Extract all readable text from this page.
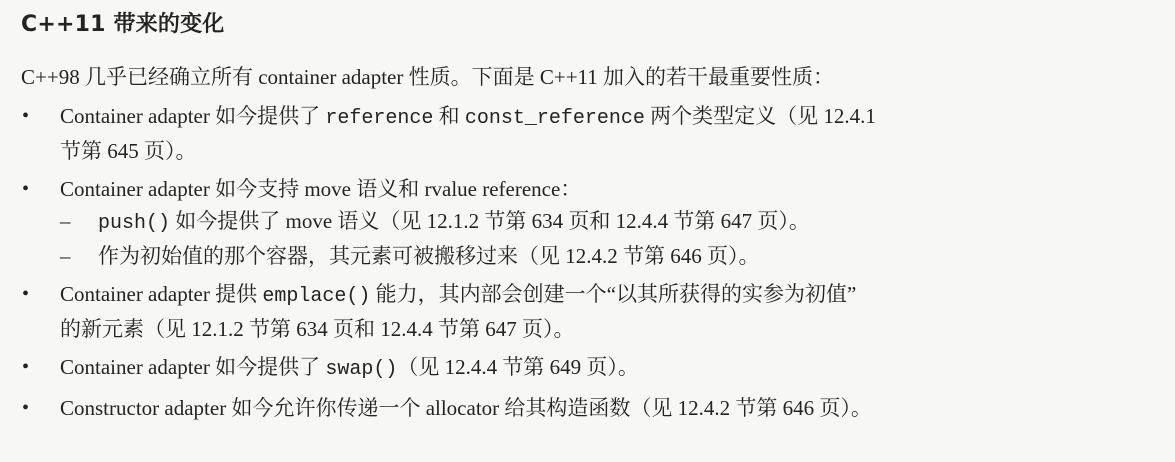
C++11 带来的变化
C++98 几乎已经确立所有 container adapter 性质。下面是 C++11 加入的若干最重要性质：
• Container adapter 如今提供了 reference 和 const_reference 两个类型定义（见 12.4.1
节第 645 页）。
• Container adapter 如今支持 move 语义和 rvalue reference：
– push() 如今提供了 move 语义（见 12.1.2 节第 634 页和 12.4.4 节第 647 页）。
– 作为初始值的那个容器，其元素可被搬移过来（见 12.4.2 节第 646 页）。
• Container adapter 提供 emplace() 能力，其内部会创建一个“以其所获得的实参为初值”
的新元素（见 12.1.2 节第 634 页和 12.4.4 节第 647 页）。
• Container adapter 如今提供了 swap()（见 12.4.4 节第 649 页）。
• Constructor adapter 如今允许你传递一个 allocator 给其构造函数（见 12.4.2 节第 646 页）。
